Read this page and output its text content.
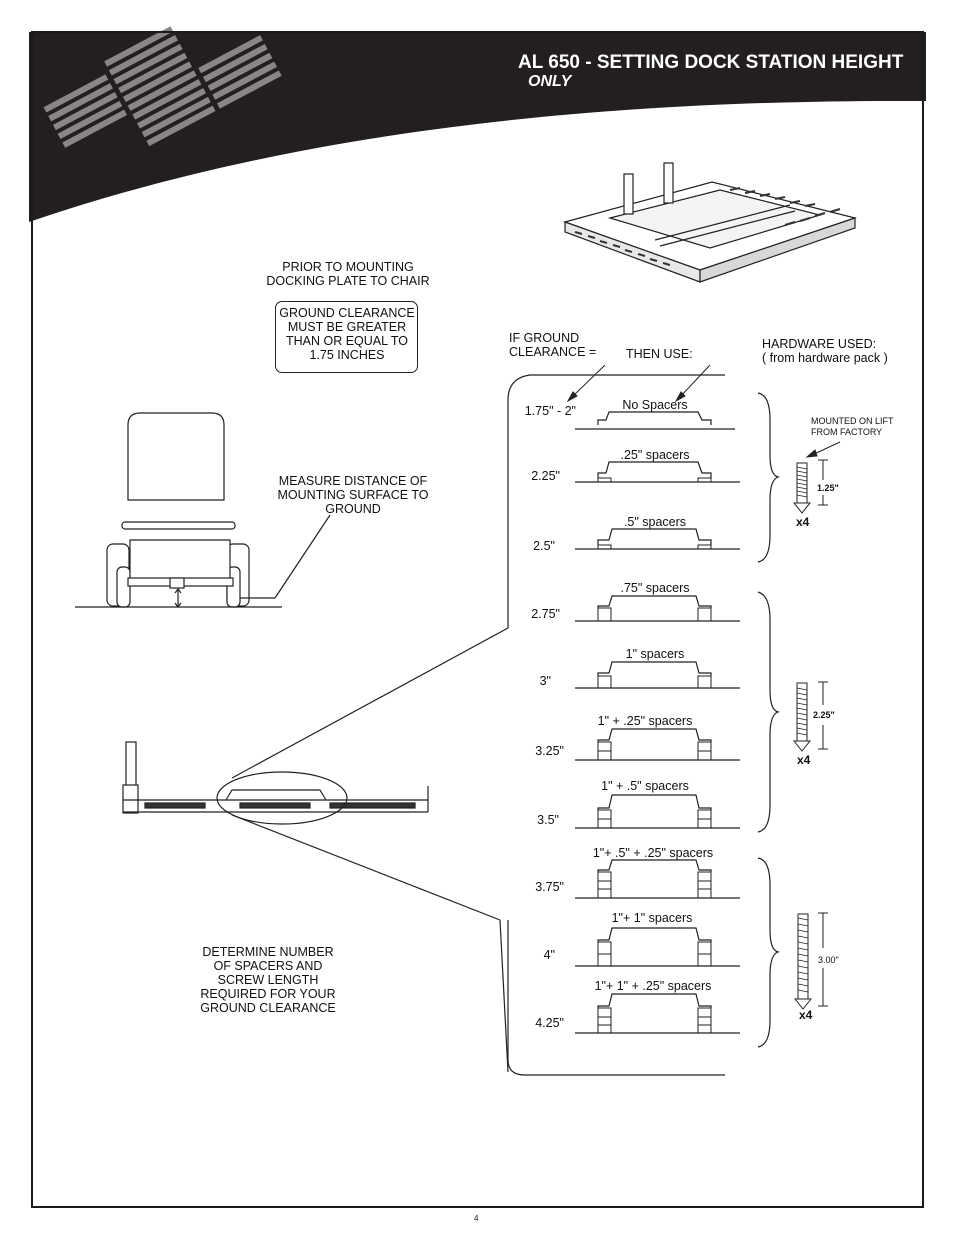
AL 650 - SETTING DOCK STATION HEIGHT
ONLY
PRIOR TO MOUNTING
DOCKING PLATE TO CHAIR
GROUND CLEARANCE
MUST BE GREATER
THAN OR EQUAL TO
1.75 INCHES
MEASURE DISTANCE OF
MOUNTING SURFACE TO
GROUND
DETERMINE NUMBER
OF SPACERS AND
SCREW LENGTH
REQUIRED FOR YOUR
GROUND CLEARANCE
IF GROUND
CLEARANCE = THEN USE:
HARDWARE USED:
( from hardware pack )
1.75" - 2"
2.25"
2.5"
2.75"
3"
3.25"
3.5"
3.75"
4"
4.25"
No Spacers
.25" spacers
.5" spacers
.75" spacers
1" spacers
1" + .25" spacers
1" + .5" spacers
1"+ .5" + .25" spacers
1"+ 1" spacers
1"+ 1" + .25" spacers
MOUNTED ON LIFT
FROM FACTORY
1.25"
x4
2.25"
x4
3.00"
x4
4
